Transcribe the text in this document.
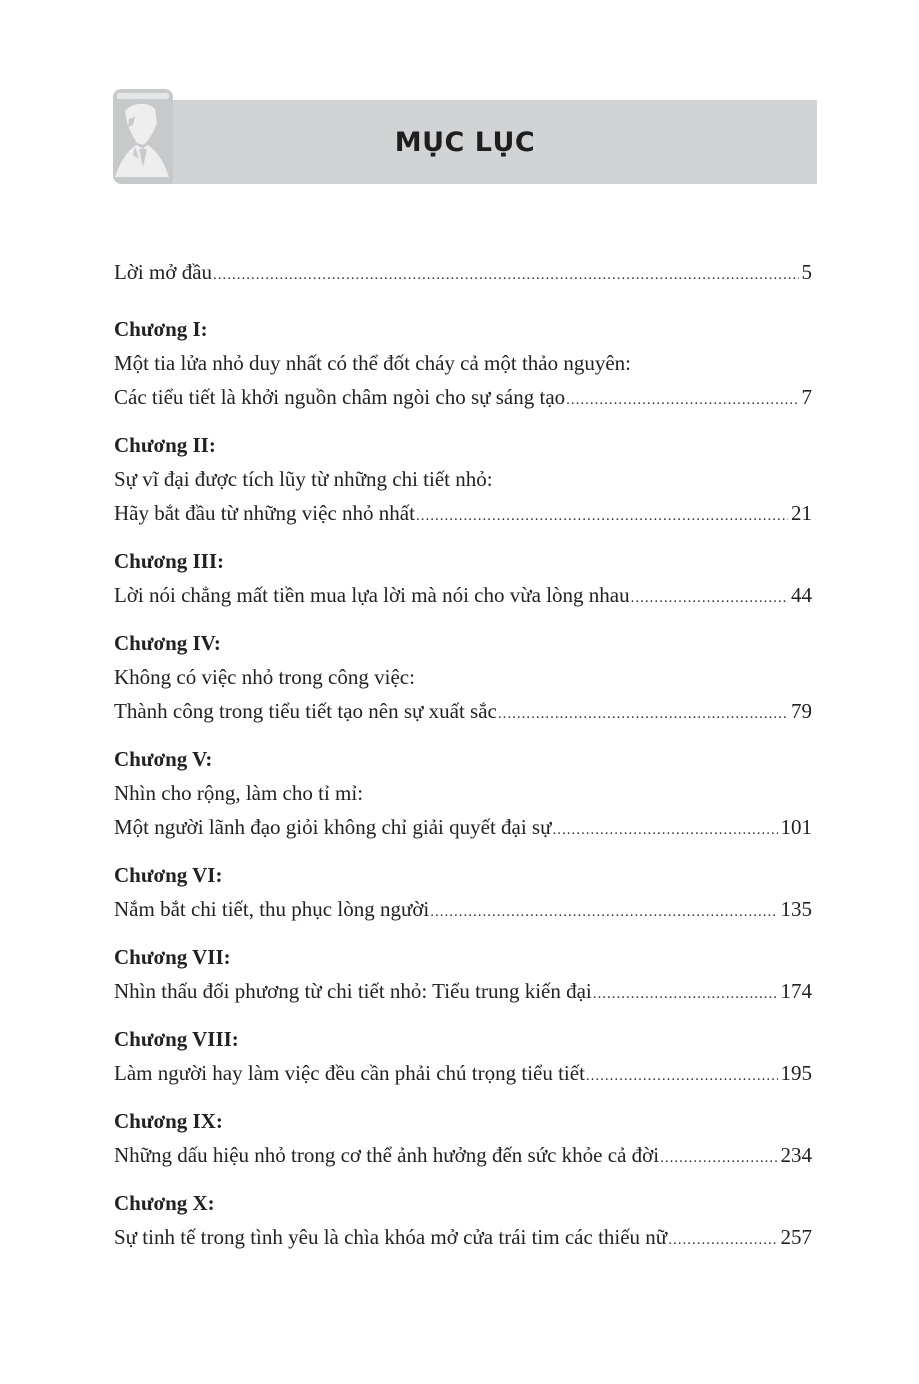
MỤC LỤC
Lời mở đầu .....	5
Chương I:
Một tia lửa nhỏ duy nhất có thể đốt cháy cả một thảo nguyên:
Các tiểu tiết là khởi nguồn châm ngòi cho sự sáng tạo .....	7
Chương II:
Sự vĩ đại được tích lũy từ những chi tiết nhỏ:
Hãy bắt đầu từ những việc nhỏ nhất .....	21
Chương III:
Lời nói chẳng mất tiền mua lựa lời mà nói cho vừa lòng nhau .....	44
Chương IV:
Không có việc nhỏ trong công việc:
Thành công trong tiểu tiết tạo nên sự xuất sắc .....	79
Chương V:
Nhìn cho rộng, làm cho tỉ mỉ:
Một người lãnh đạo giỏi không chỉ giải quyết đại sự .....	101
Chương VI:
Nắm bắt chi tiết, thu phục lòng người .....	135
Chương VII:
Nhìn thấu đối phương từ chi tiết nhỏ: Tiểu trung kiến đại .....	174
Chương VIII:
Làm người hay làm việc đều cần phải chú trọng tiểu tiết .....	195
Chương IX:
Những dấu hiệu nhỏ trong cơ thể ảnh hưởng đến sức khỏe cả đời .....	234
Chương X:
Sự tinh tế trong tình yêu là chìa khóa mở cửa trái tim các thiếu nữ .....	257
